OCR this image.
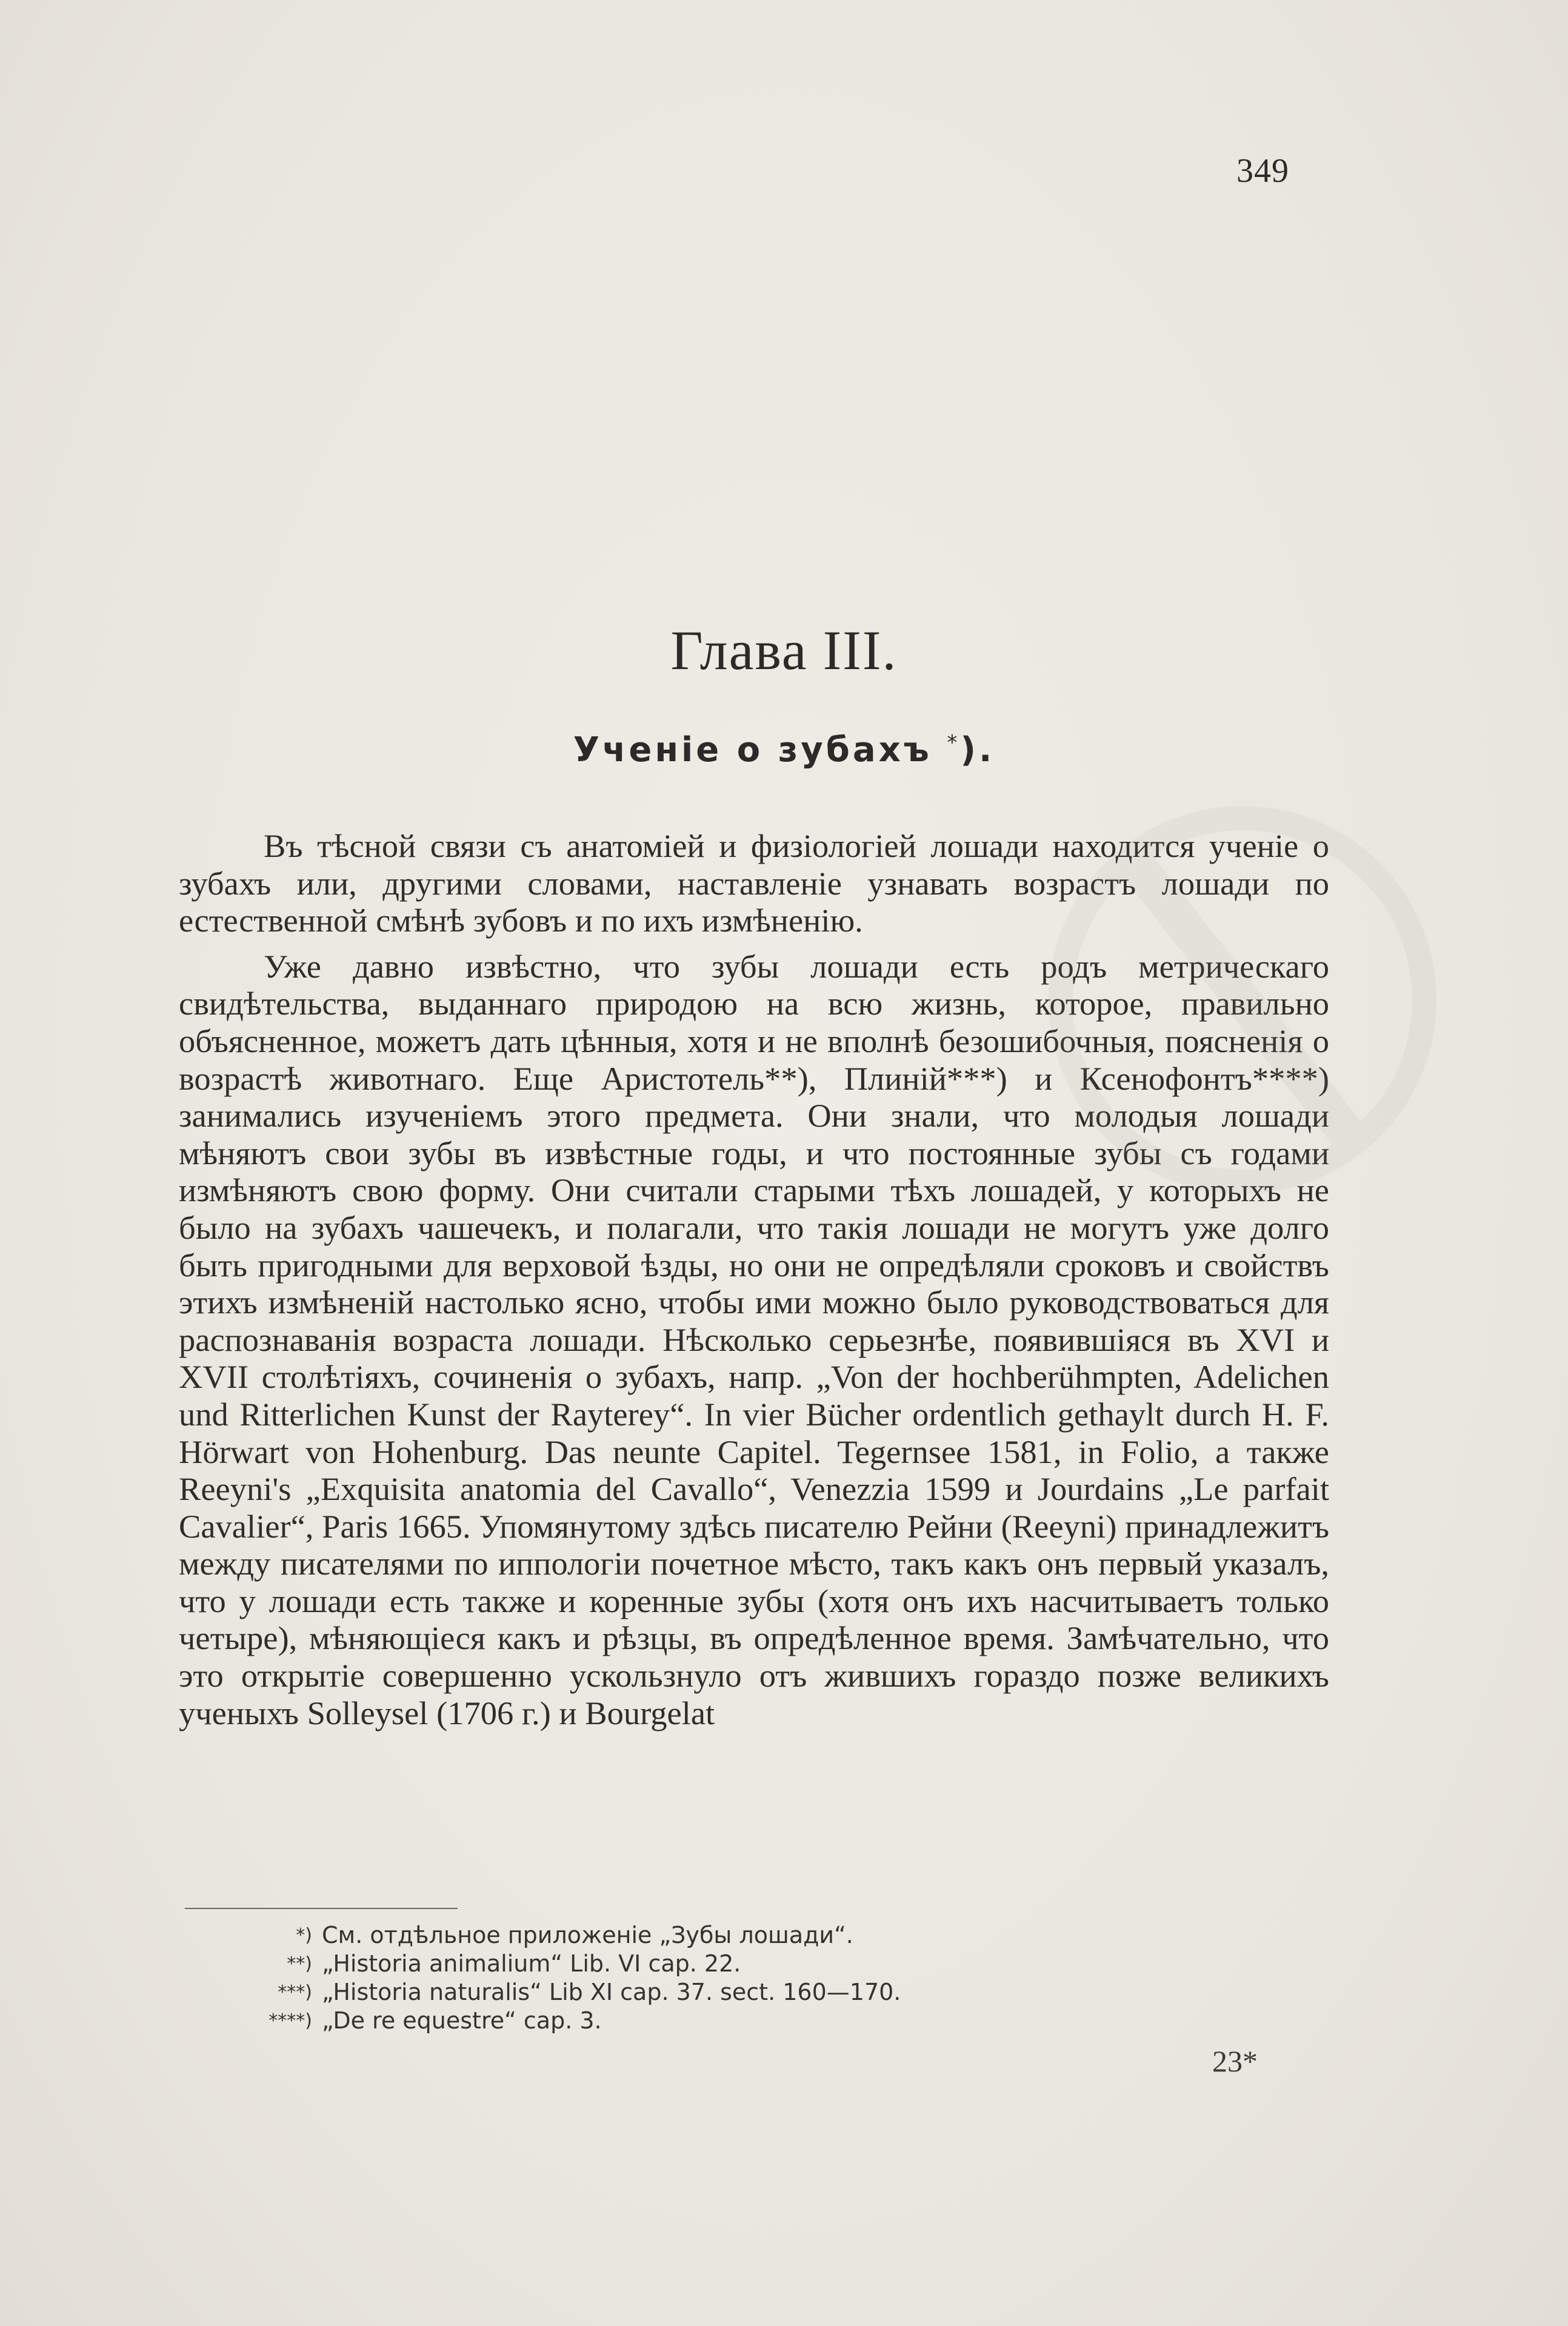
349
Глава III.
Ученіе о зубахъ *).

Въ тѣсной связи съ анатоміей и физіологіей лошади находится ученіе о зубахъ или, другими словами, наставленіе узнавать возрастъ лошади по естественной смѣнѣ зубовъ и по ихъ измѣненію.

Уже давно извѣстно, что зубы лошади есть родъ метрическаго свидѣтельства, выданнаго природою на всю жизнь, которое, правильно объясненное, можетъ дать цѣнныя, хотя и не вполнѣ безошибочныя, поясненія о возрастѣ животнаго. Еще Аристотель**), Плиній***) и Ксенофонтъ****) занимались изученіемъ этого предмета. Они знали, что молодыя лошади мѣняютъ свои зубы въ извѣстные годы, и что постоянные зубы съ годами измѣняютъ свою форму. Они считали старыми тѣхъ лошадей, у которыхъ не было на зубахъ чашечекъ, и полагали, что такія лошади не могутъ уже долго быть пригодными для верховой ѣзды, но они не опредѣляли сроковъ и свойствъ этихъ измѣненій настолько ясно, чтобы ими можно было руководствоваться для распознаванія возраста лошади. Нѣсколько серьезнѣе, появившіяся въ XVI и XVII столѣтіяхъ, сочиненія о зубахъ, напр. „Von der hochberühmpten, Adelichen und Ritterlichen Kunst der Rayterey“. In vier Bücher ordentlich gethaylt durch H. F. Hörwart von Hohenburg. Das neunte Capitel. Tegernsee 1581, in Folio, а также Reeyni's „Exquisita anatomia del Cavallo“, Venezzia 1599 и Jourdains „Le parfait Cavalier“, Paris 1665. Упомянутому здѣсь писателю Рейни (Reeyni) принадлежитъ между писателями по иппологіи почетное мѣсто, такъ какъ онъ первый указалъ, что у лошади есть также и коренные зубы (хотя онъ ихъ насчитываетъ только четыре), мѣняющіеся какъ и рѣзцы, въ опредѣленное время. Замѣчательно, что это открытіе совершенно ускользнуло отъ жившихъ гораздо позже великихъ ученыхъ Solleysel (1706 г.) и Bourgelat

*) См. отдѣльное приложеніе „Зубы лошади“.
**) „Historia animalium“ Lib. VI cap. 22.
***) „Historia naturalis“ Lib XI cap. 37. sect. 160—170.
****) „De re equestre“ cap. 3.
23*
